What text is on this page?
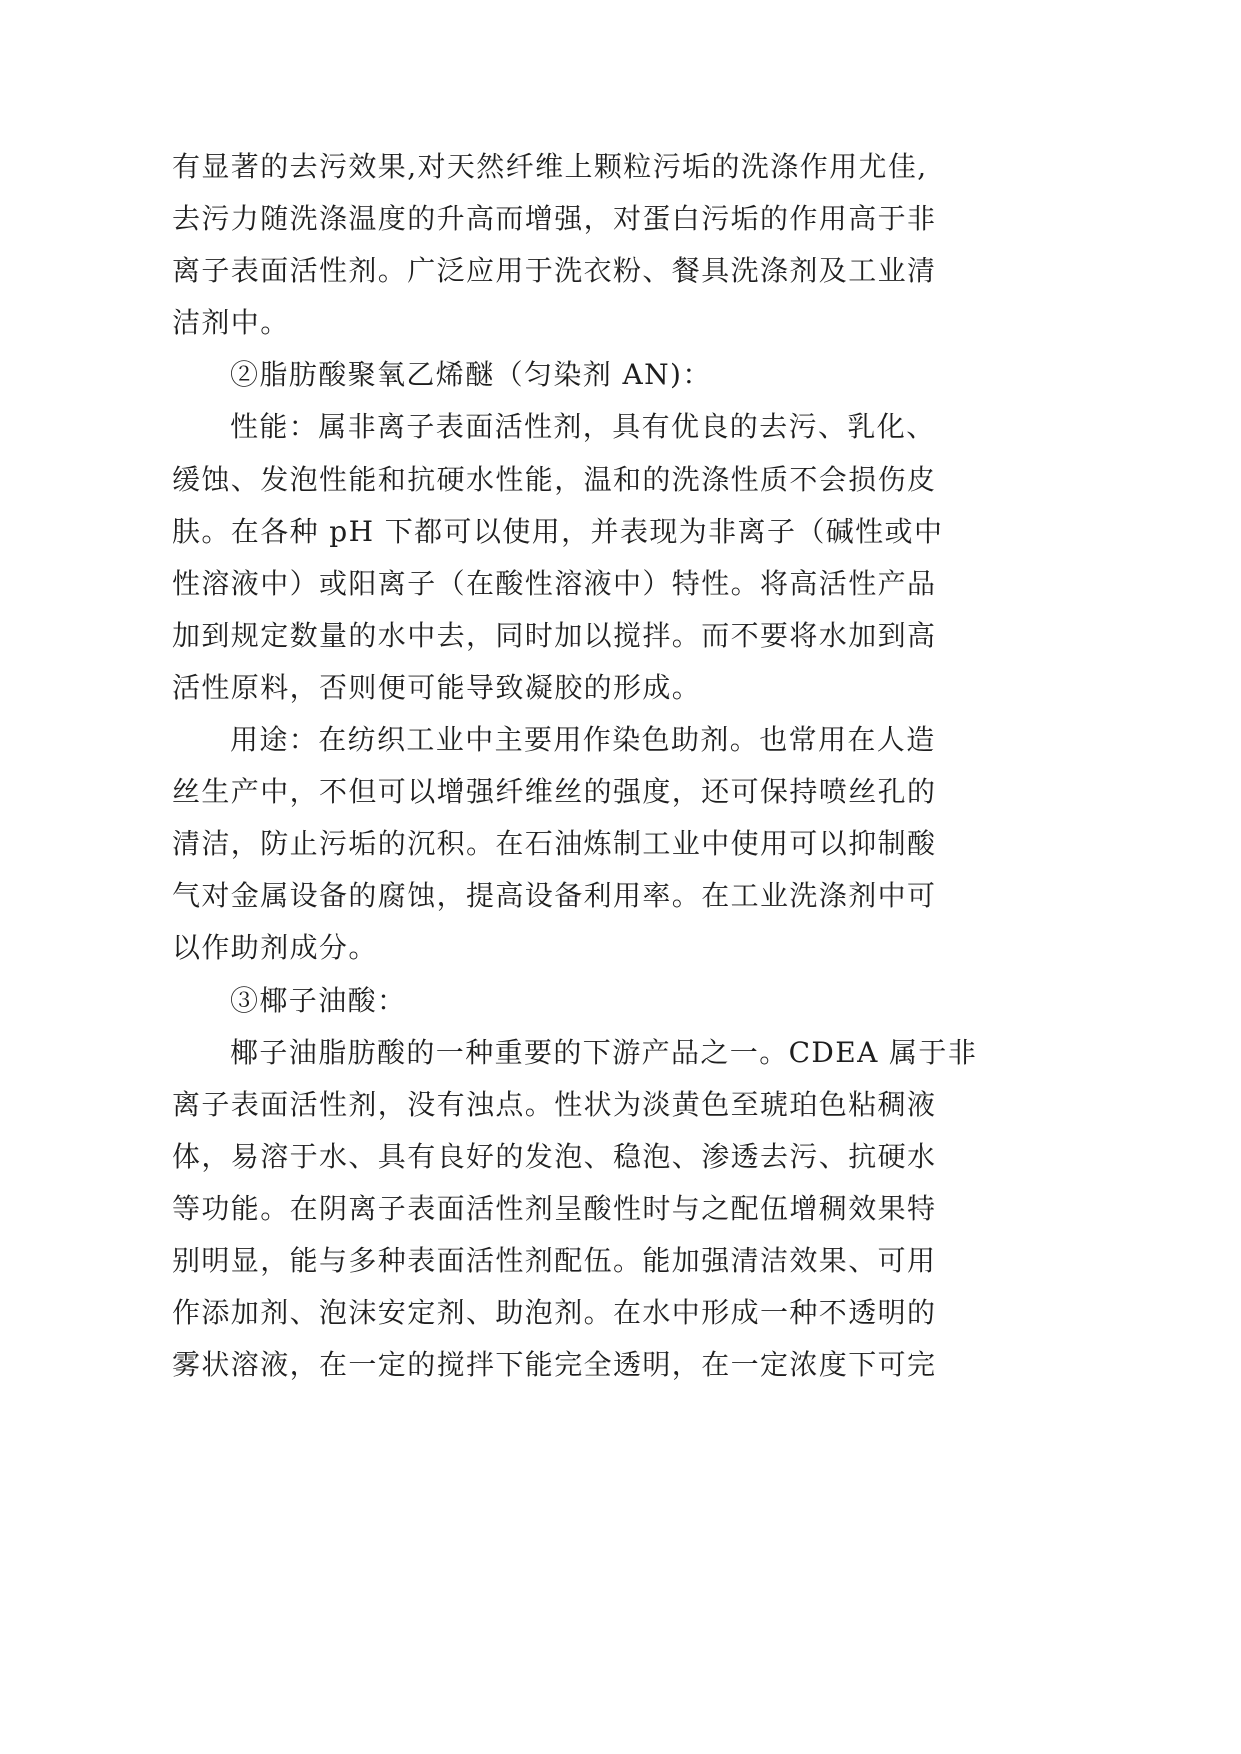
有显著的去污效果,对天然纤维上颗粒污垢的洗涤作用尤佳,
去污力随洗涤温度的升高而增强，对蛋白污垢的作用高于非
离子表面活性剂。广泛应用于洗衣粉、餐具洗涤剂及工业清
洁剂中。
②脂肪酸聚氧乙烯醚（匀染剂 AN)：
性能：属非离子表面活性剂，具有优良的去污、乳化、
缓蚀、发泡性能和抗硬水性能，温和的洗涤性质不会损伤皮
肤。在各种 pH 下都可以使用，并表现为非离子（碱性或中
性溶液中）或阳离子（在酸性溶液中）特性。将高活性产品
加到规定数量的水中去，同时加以搅拌。而不要将水加到高
活性原料，否则便可能导致凝胶的形成。
用途：在纺织工业中主要用作染色助剂。也常用在人造
丝生产中，不但可以增强纤维丝的强度，还可保持喷丝孔的
清洁，防止污垢的沉积。在石油炼制工业中使用可以抑制酸
气对金属设备的腐蚀，提高设备利用率。在工业洗涤剂中可
以作助剂成分。
③椰子油酸：
椰子油脂肪酸的一种重要的下游产品之一。CDEA 属于非
离子表面活性剂，没有浊点。性状为淡黄色至琥珀色粘稠液
体，易溶于水、具有良好的发泡、稳泡、渗透去污、抗硬水
等功能。在阴离子表面活性剂呈酸性时与之配伍增稠效果特
别明显，能与多种表面活性剂配伍。能加强清洁效果、可用
作添加剂、泡沫安定剂、助泡剂。在水中形成一种不透明的
雾状溶液，在一定的搅拌下能完全透明，在一定浓度下可完
